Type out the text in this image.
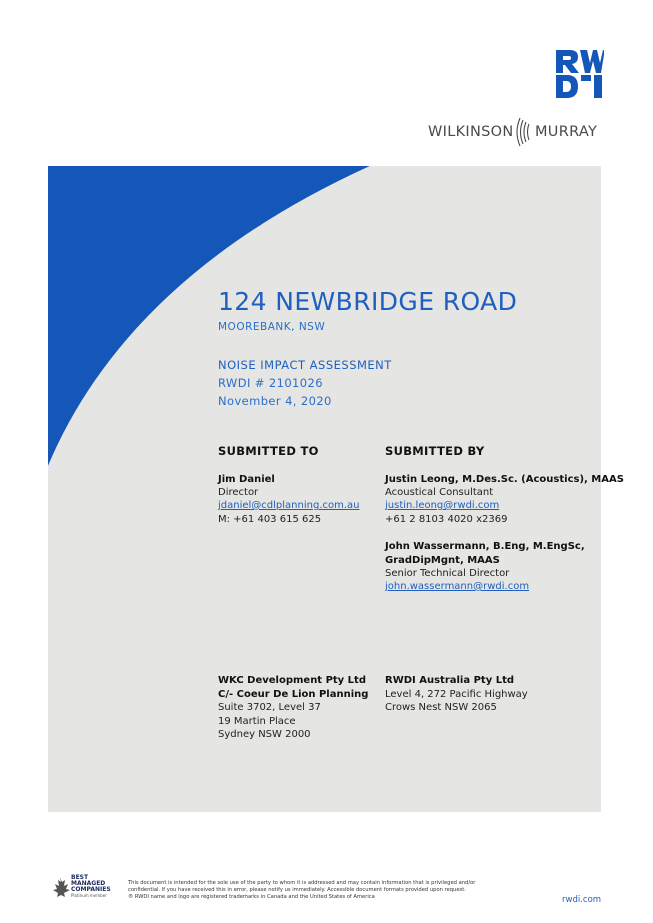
WILKINSON MURRAY
124 NEWBRIDGE ROAD
MOOREBANK, NSW
NOISE IMPACT ASSESSMENT
RWDI # 2101026
November 4, 2020
SUBMITTED TO
Jim Daniel
Director
jdaniel@cdlplanning.com.au
M: +61 403 615 625
WKC Development Pty Ltd
C/- Coeur De Lion Planning
Suite 3702, Level 37
19 Martin Place
Sydney NSW 2000
SUBMITTED BY
Justin Leong, M.Des.Sc. (Acoustics), MAAS
Acoustical Consultant
justin.leong@rwdi.com
+61 2 8103 4020 x2369
John Wassermann, B.Eng, M.EngSc,
GradDipMgnt, MAAS
Senior Technical Director
john.wassermann@rwdi.com
RWDI Australia Pty Ltd
Level 4, 272 Pacific Highway
Crows Nest NSW 2065
BEST
MANAGED
COMPANIES
Platinum member
This document is intended for the sole use of the party to whom it is addressed and may contain information that is privileged and/or
confidential. If you have received this in error, please notify us immediately. Accessible document formats provided upon request.
® RWDI name and logo are registered trademarks in Canada and the United States of America	rwdi.com
